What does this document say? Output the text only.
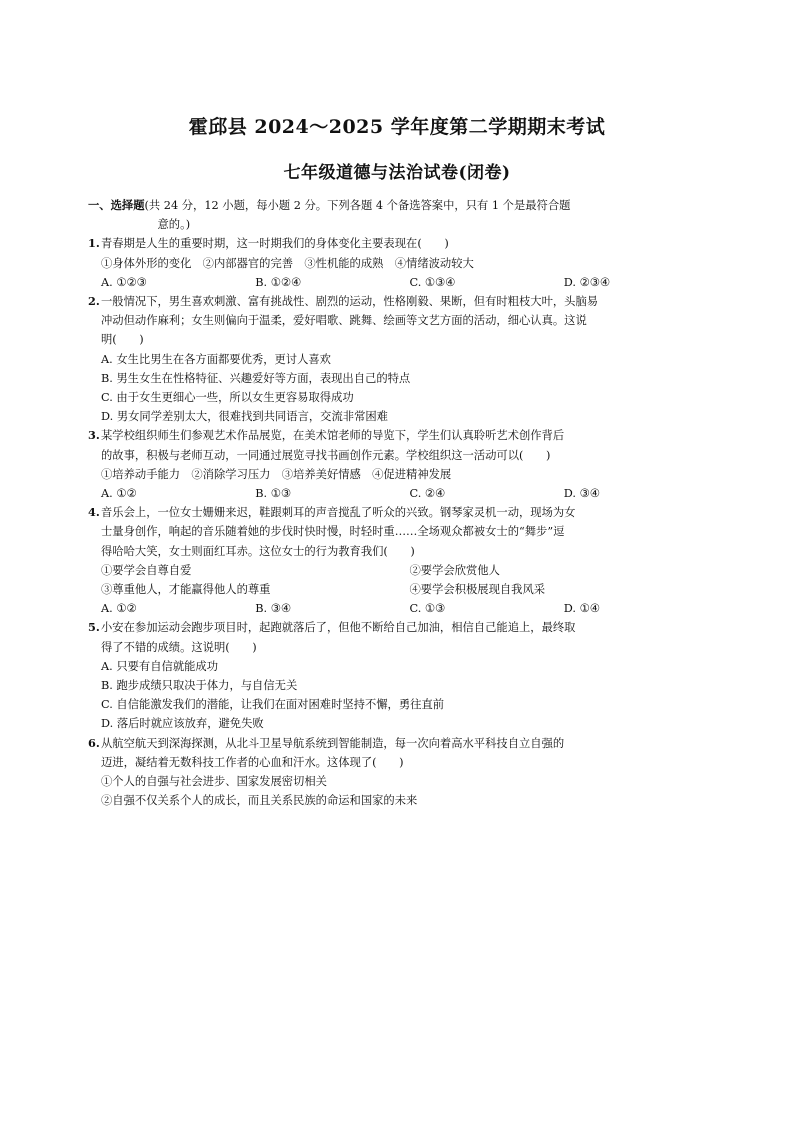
霍邱县 2024～2025 学年度第二学期期末考试
七年级道德与法治试卷(闭卷)
一、选择题 (共 24 分，12 小题，每小题 2 分。下列各题 4 个备选答案中，只有 1 个是最符合题
意的。)
1. 青春期是人生的重要时期，这一时期我们的身体变化主要表现在(　　)
①身体外形的变化　②内部器官的完善　③性机能的成熟　④情绪波动较大
A. ①②③	B. ①②④	C. ①③④	D. ②③④
2. 一般情况下，男生喜欢刺激、富有挑战性、剧烈的运动，性格刚毅、果断，但有时粗枝大叶，头脑易
冲动但动作麻利；女生则偏向于温柔，爱好唱歌、跳舞、绘画等文艺方面的活动，细心认真。这说
明(　　)
A. 女生比男生在各方面都要优秀，更讨人喜欢
B. 男生女生在性格特征、兴趣爱好等方面，表现出自己的特点
C. 由于女生更细心一些，所以女生更容易取得成功
D. 男女同学差别太大，很难找到共同语言，交流非常困难
3. 某学校组织师生们参观艺术作品展览，在美术馆老师的导览下，学生们认真聆听艺术创作背后
的故事，积极与老师互动，一同通过展览寻找书画创作元素。学校组织这一活动可以(　　)
①培养动手能力　②消除学习压力　③培养美好情感　④促进精神发展
A. ①②	B. ①③	C. ②④	D. ③④
4. 音乐会上，一位女士姗姗来迟，鞋跟刺耳的声音搅乱了听众的兴致。钢琴家灵机一动，现场为女
士量身创作，响起的音乐随着她的步伐时快时慢，时轻时重……全场观众都被女士的“舞步”逗
得哈哈大笑，女士则面红耳赤。这位女士的行为教育我们(　　)
①要学会自尊自爱	②要学会欣赏他人
③尊重他人，才能赢得他人的尊重	④要学会积极展现自我风采
A. ①②	B. ③④	C. ①③	D. ①④
5. 小安在参加运动会跑步项目时，起跑就落后了，但他不断给自己加油，相信自己能追上，最终取
得了不错的成绩。这说明(　　)
A. 只要有自信就能成功
B. 跑步成绩只取决于体力，与自信无关
C. 自信能激发我们的潜能，让我们在面对困难时坚持不懈，勇往直前
D. 落后时就应该放弃，避免失败
6. 从航空航天到深海探测，从北斗卫星导航系统到智能制造，每一次向着高水平科技自立自强的
迈进，凝结着无数科技工作者的心血和汗水。这体现了(　　)
①个人的自强与社会进步、国家发展密切相关
②自强不仅关系个人的成长，而且关系民族的命运和国家的未来
